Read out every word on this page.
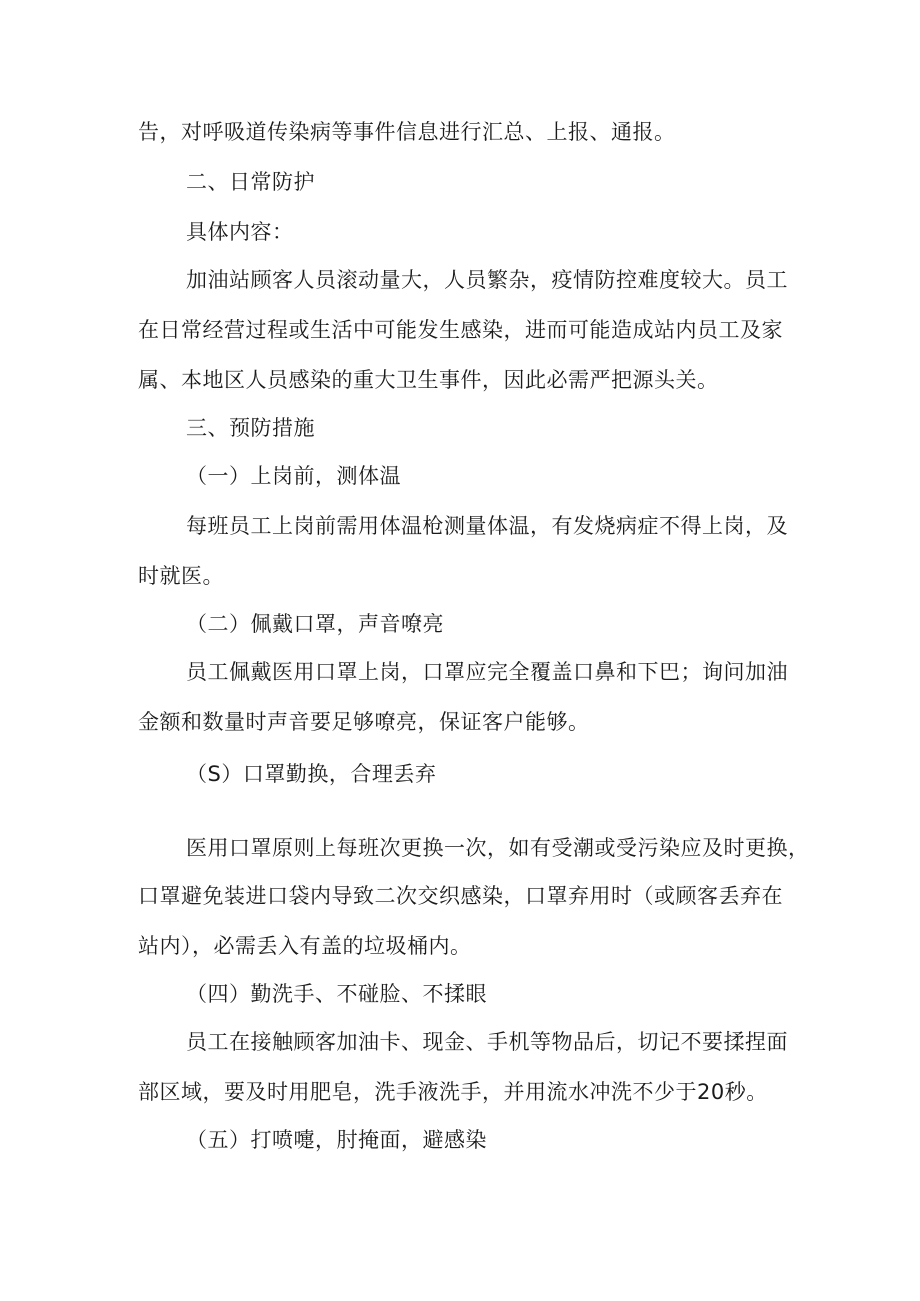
告，对呼吸道传染病等事件信息进行汇总、上报、通报。
二、日常防护
具体内容：
加油站顾客人员滚动量大，人员繁杂，疫情防控难度较大。员工
在日常经营过程或生活中可能发生感染，进而可能造成站内员工及家
属、本地区人员感染的重大卫生事件，因此必需严把源头关。
三、预防措施
（一）上岗前，测体温
每班员工上岗前需用体温枪测量体温，有发烧病症不得上岗，及
时就医。
（二）佩戴口罩，声音嘹亮
员工佩戴医用口罩上岗，口罩应完全覆盖口鼻和下巴；询问加油
金额和数量时声音要足够嘹亮，保证客户能够。
（S）口罩勤换，合理丢弃
医用口罩原则上每班次更换一次，如有受潮或受污染应及时更换，
口罩避免装进口袋内导致二次交织感染，口罩弃用时（或顾客丢弃在
站内），必需丢入有盖的垃圾桶内。
（四）勤洗手、不碰脸、不揉眼
员工在接触顾客加油卡、现金、手机等物品后，切记不要揉捏面
部区域，要及时用肥皂，洗手液洗手，并用流水冲洗不少于20秒。
（五）打喷嚏，肘掩面，避感染
